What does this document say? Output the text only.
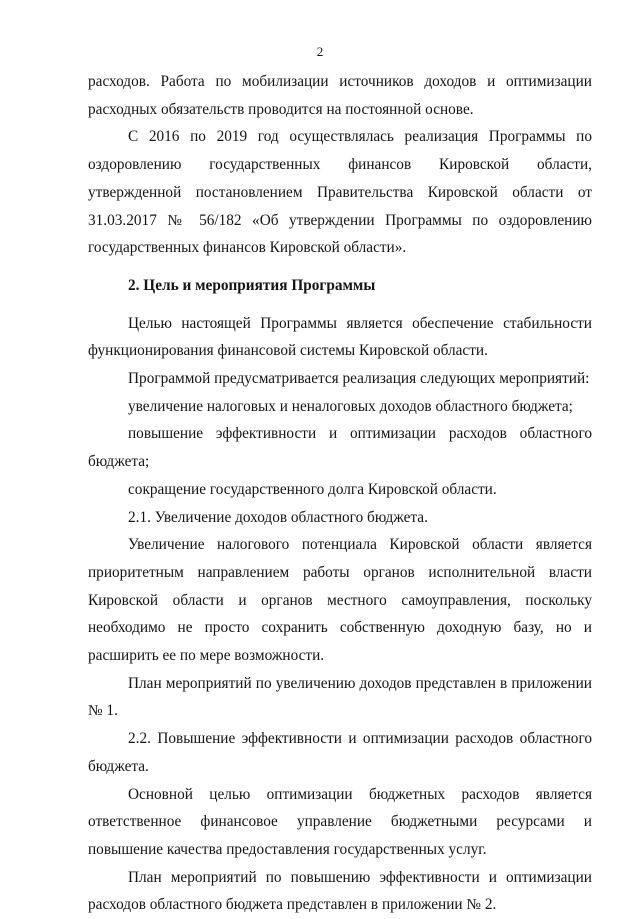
2

расходов. Работа по мобилизации источников доходов и оптимизации расходных обязательств проводится на постоянной основе.

С 2016 по 2019 год осуществлялась реализация Программы по оздоровлению государственных финансов Кировской области, утвержденной постановлением Правительства Кировской области от 31.03.2017 № 56/182 «Об утверждении Программы по оздоровлению государственных финансов Кировской области».

2. Цель и мероприятия Программы

Целью настоящей Программы является обеспечение стабильности функционирования финансовой системы Кировской области.

Программой предусматривается реализация следующих мероприятий:

увеличение налоговых и неналоговых доходов областного бюджета;

повышение эффективности и оптимизации расходов областного бюджета;

сокращение государственного долга Кировской области.

2.1. Увеличение доходов областного бюджета.

Увеличение налогового потенциала Кировской области является приоритетным направлением работы органов исполнительной власти Кировской области и органов местного самоуправления, поскольку необходимо не просто сохранить собственную доходную базу, но и расширить ее по мере возможности.

План мероприятий по увеличению доходов представлен в приложении № 1.

2.2. Повышение эффективности и оптимизации расходов областного бюджета.

Основной целью оптимизации бюджетных расходов является ответственное финансовое управление бюджетными ресурсами и повышение качества предоставления государственных услуг.

План мероприятий по повышению эффективности и оптимизации расходов областного бюджета представлен в приложении № 2.
